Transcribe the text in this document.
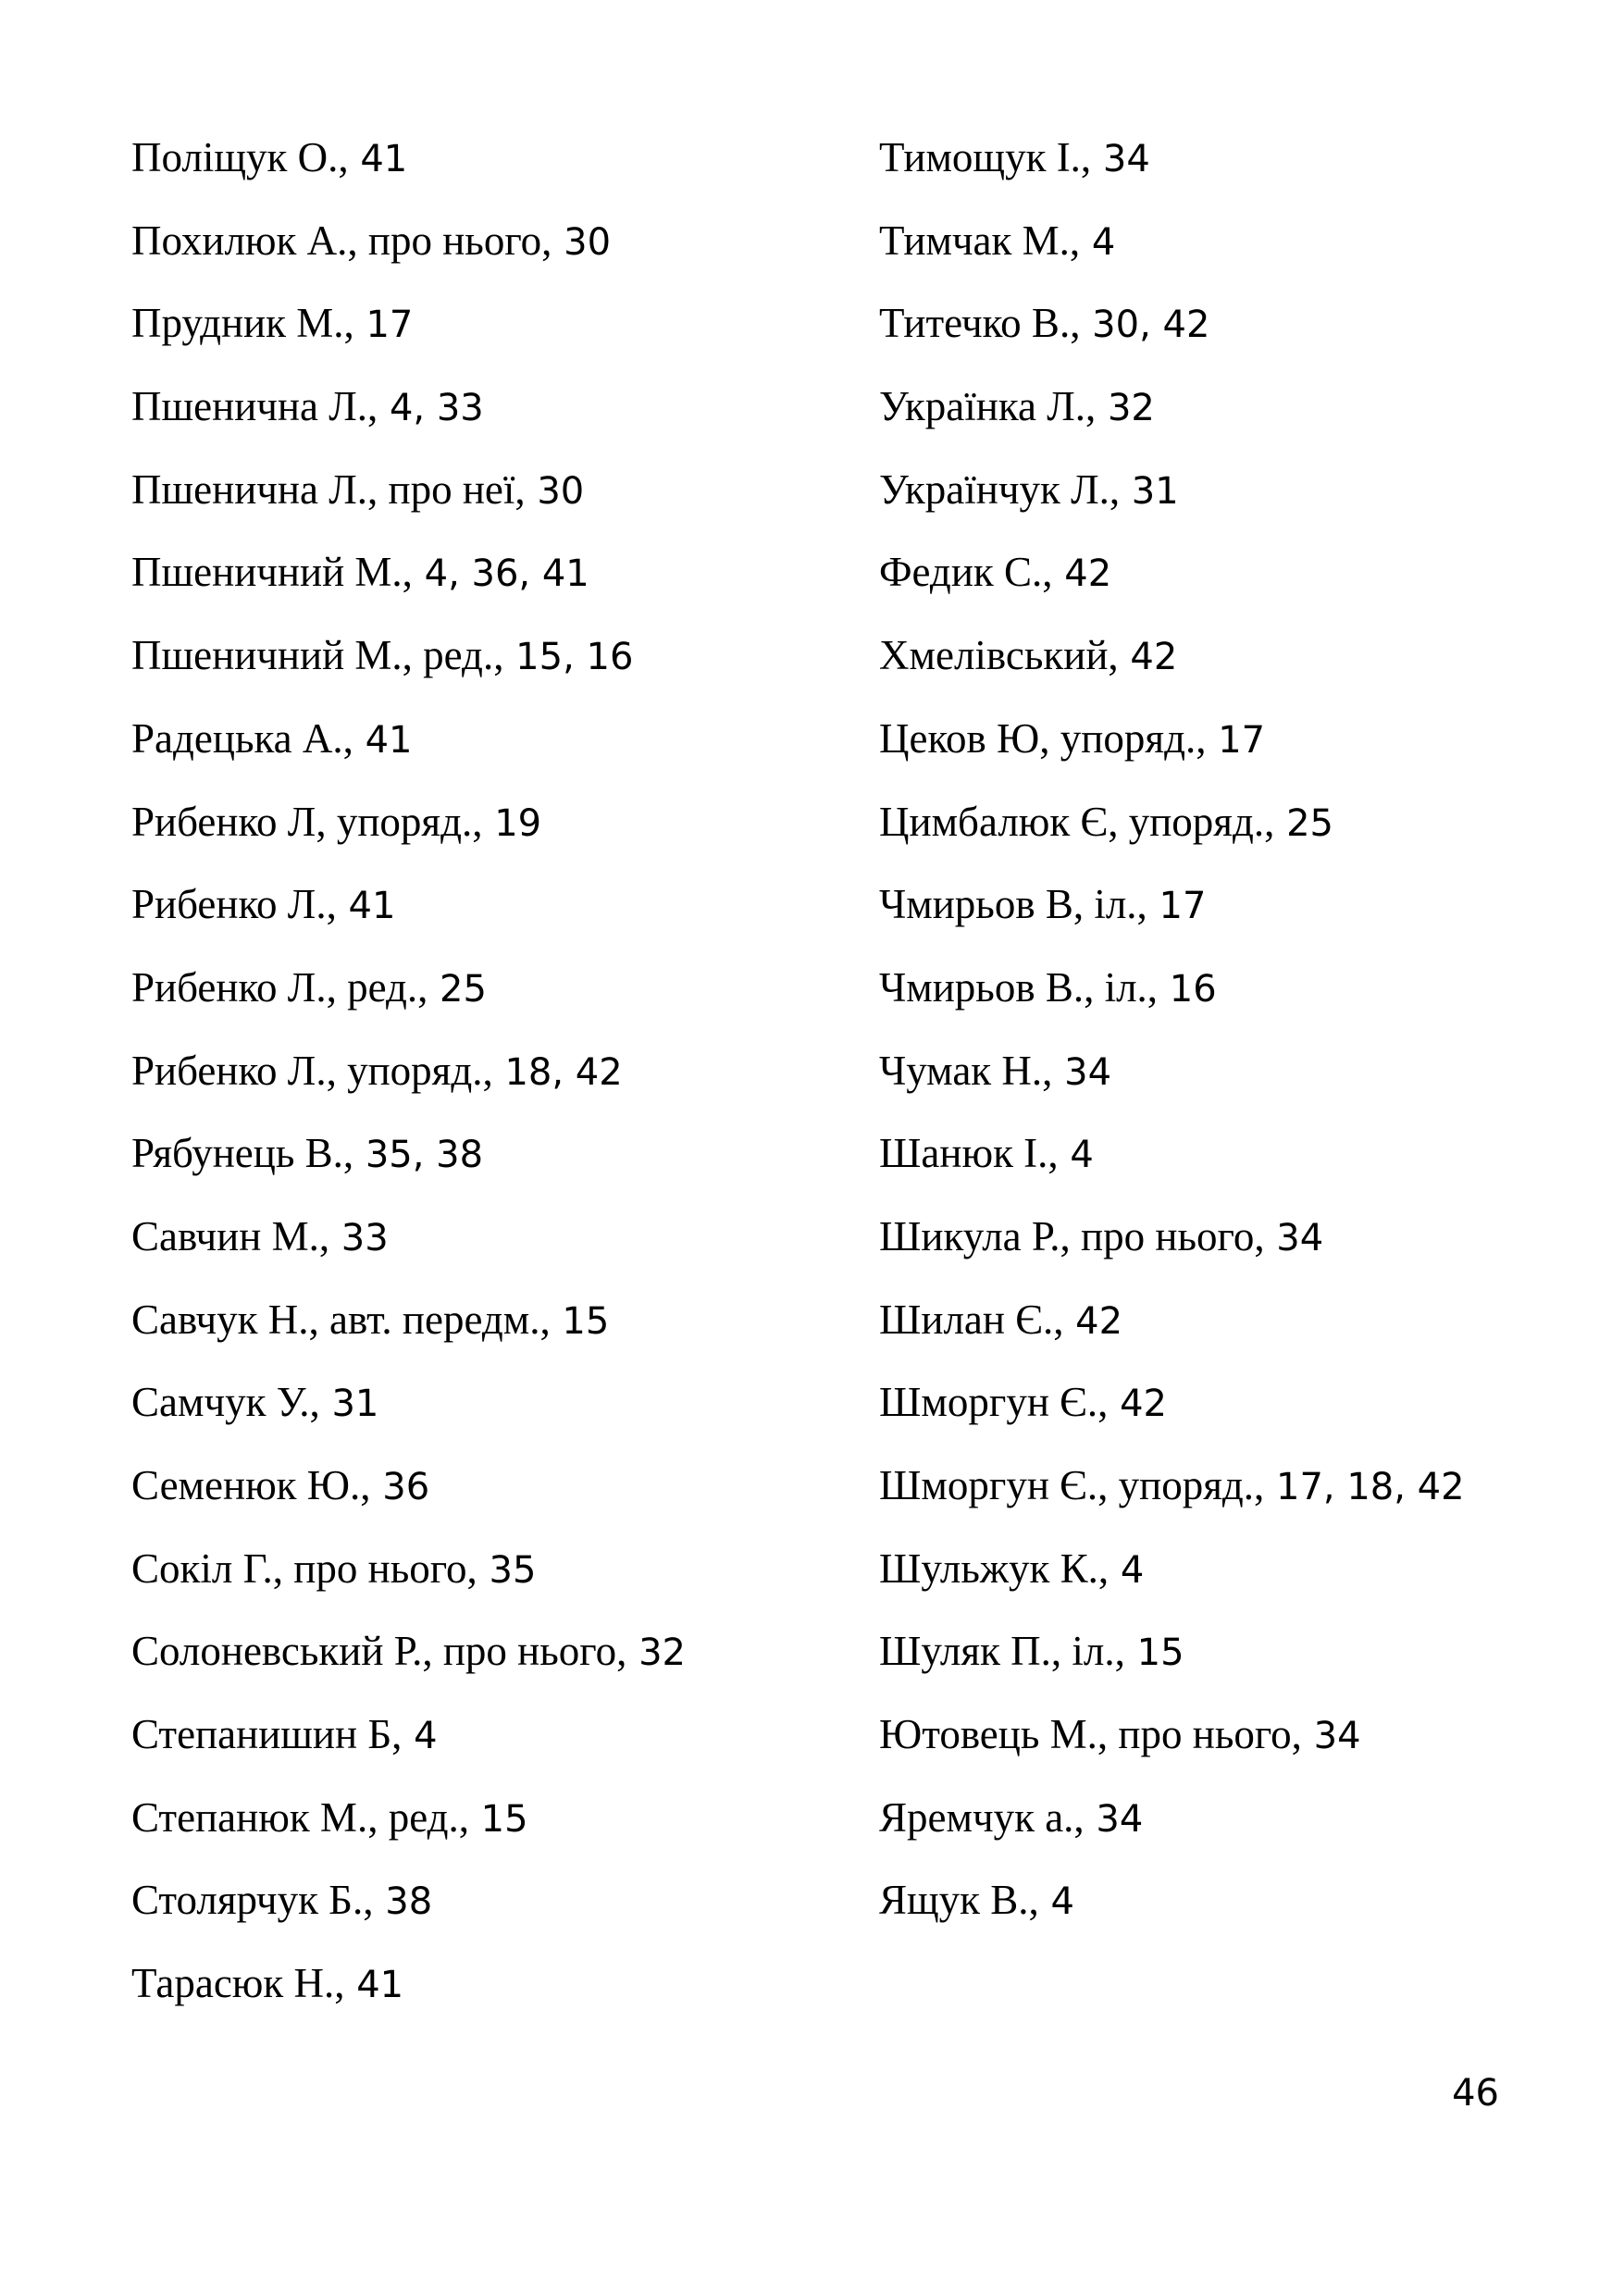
Поліщук О., 41
Похилюк А., про нього, 30
Прудник М., 17
Пшенична Л., 4, 33
Пшенична Л., про неї, 30
Пшеничний М., 4, 36, 41
Пшеничний М., ред., 15, 16
Радецька А., 41
Рибенко Л, упоряд., 19
Рибенко Л., 41
Рибенко Л., ред., 25
Рибенко Л., упоряд., 18, 42
Рябунець В., 35, 38
Савчин М., 33
Савчук Н., авт. передм., 15
Самчук У., 31
Семенюк Ю., 36
Сокіл Г., про нього, 35
Солоневський Р., про нього, 32
Степанишин Б, 4
Степанюк М., ред., 15
Столярчук Б., 38
Тарасюк Н., 41
Тимощук І., 34
Тимчак М., 4
Титечко В., 30, 42
Українка Л., 32
Українчук Л., 31
Федик С., 42
Хмелівський, 42
Цеков Ю, упоряд., 17
Цимбалюк Є, упоряд., 25
Чмирьов В, іл., 17
Чмирьов В., іл., 16
Чумак Н., 34
Шанюк І., 4
Шикула Р., про нього, 34
Шилан Є., 42
Шморгун Є., 42
Шморгун Є., упоряд., 17, 18, 42
Шульжук К., 4
Шуляк П., іл., 15
Ютовець М., про нього, 34
Яремчук а., 34
Ящук В., 4
46
